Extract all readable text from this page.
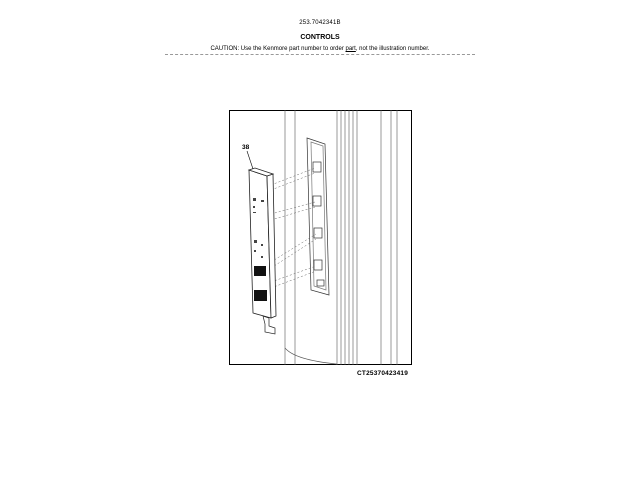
253.7042341B
CONTROLS
CAUTION: Use the Kenmore part number to order part, not the illustration number.
38
CT25370423419
